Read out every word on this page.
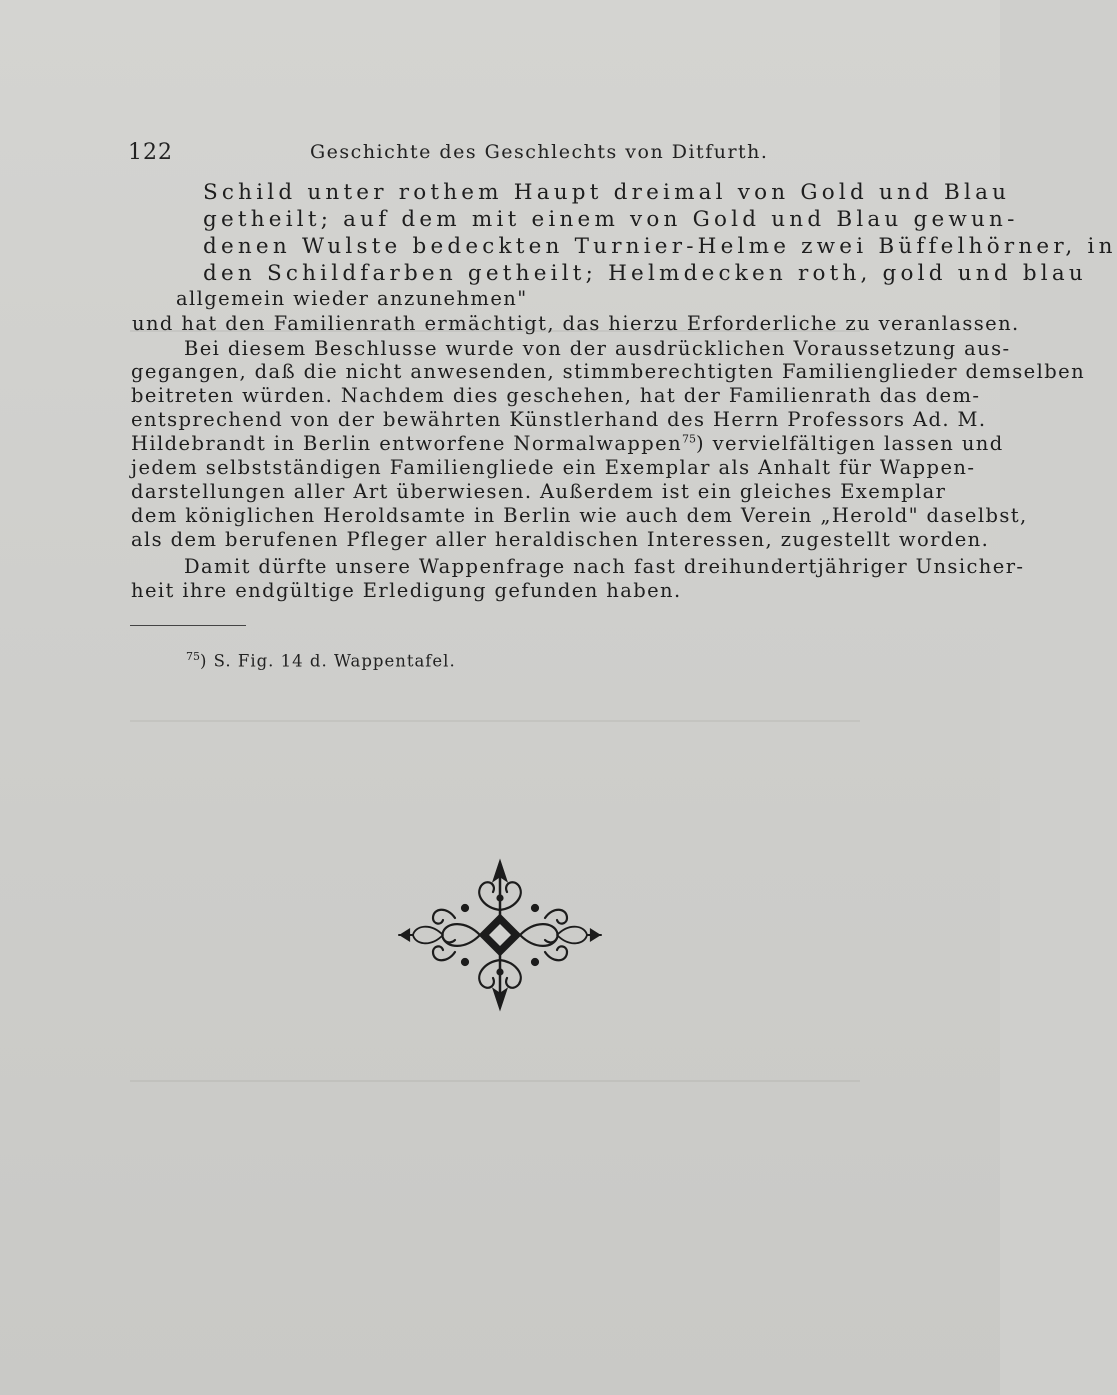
122	Geschichte des Geschlechts von Ditfurth.
Schild unter rothem Haupt dreimal von Gold und Blau
getheilt; auf dem mit einem von Gold und Blau gewun-
denen Wulste bedeckten Turnier-Helme zwei Büffelhörner, in
den Schildfarben getheilt; Helmdecken roth, gold und blau
allgemein wieder anzunehmen"
und hat den Familienrath ermächtigt, das hierzu Erforderliche zu veranlassen.
Bei diesem Beschlusse wurde von der ausdrücklichen Voraussetzung aus-
gegangen, daß die nicht anwesenden, stimmberechtigten Familienglieder demselben
beitreten würden. Nachdem dies geschehen, hat der Familienrath das dem-
entsprechend von der bewährten Künstlerhand des Herrn Professors Ad. M.
Hildebrandt in Berlin entworfene Normalwappen$^{75}$) vervielfältigen lassen und
jedem selbstständigen Familiengliede ein Exemplar als Anhalt für Wappen-
darstellungen aller Art überwiesen. Außerdem ist ein gleiches Exemplar
dem königlichen Heroldsamte in Berlin wie auch dem Verein „Herold" daselbst,
als dem berufenen Pfleger aller heraldischen Interessen, zugestellt worden.
Damit dürfte unsere Wappenfrage nach fast dreihundertjähriger Unsicher-
heit ihre endgültige Erledigung gefunden haben.
$^{75}$) S. Fig. 14 d. Wappentafel.
